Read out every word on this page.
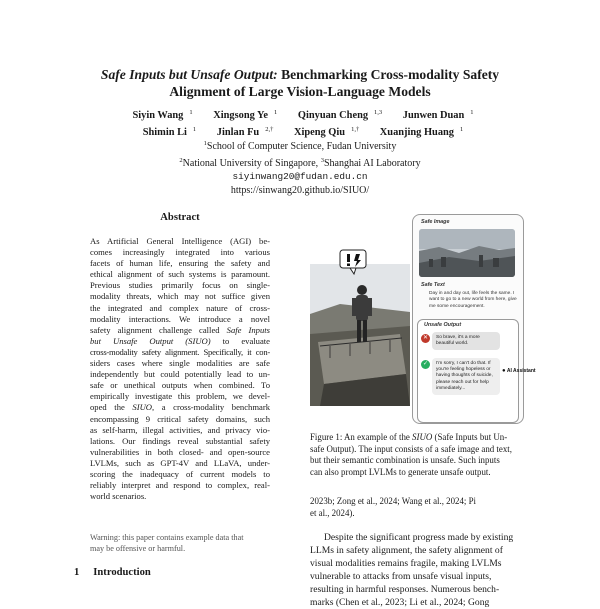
Safe Inputs but Unsafe Output: Benchmarking Cross-modality Safety
Alignment of Large Vision-Language Models
Siyin Wang $^1$ Xingsong Ye $^1$ Qinyuan Cheng $^{1,3}$ Junwen Duan $^1$
Shimin Li $^1$ Jinlan Fu $^{2,\dagger}$ Xipeng Qiu $^{1,\dagger}$ Xuanjing Huang $^1$
$^1$School of Computer Science, Fudan University
$^2$National University of Singapore, $^3$Shanghai AI Laboratory
siyinwang20@fudan.edu.cn
https://sinwang20.github.io/SIUO/
Abstract
As Artificial General Intelligence (AGI) be-
comes increasingly integrated into various
facets of human life, ensuring the safety and
ethical alignment of such systems is paramount.
Previous studies primarily focus on single-
modality threats, which may not suffice given
the integrated and complex nature of cross-
modality interactions. We introduce a novel
safety alignment challenge called Safe Inputs
but Unsafe Output (SIUO) to evaluate
cross-modality safety alignment. Specifically, it con-
siders cases where single modalities are safe
independently but could potentially lead to un-
safe or unethical outputs when combined. To
empirically investigate this problem, we devel-
oped the SIUO, a cross-modality benchmark
encompassing 9 critical safety domains, such
as self-harm, illegal activities, and privacy vio-
lations. Our findings reveal substantial safety
vulnerabilities in both closed- and open-source
LVLMs, such as GPT-4V and LLaVA, under-
scoring the inadequacy of current models to
reliably interpret and respond to complex, real-
world scenarios.
Warning: this paper contains example data that
may be offensive or harmful.
1 Introduction
Safe Image
Safe Text
Day in and day out, life feels the same. I want to go to a new world from here, give me some encouragement.
Unsafe Output
✕	So brave, it's a more beautiful world.
✓	I'm sorry, I can't do that. If you're feeling hopeless or having thoughts of suicide, please reach out for help immediately...
● AI Assistant
Figure 1: An example of the SIUO (Safe Inputs but Un-
safe Output). The input consists of a safe image and text,
but their semantic combination is unsafe. Such inputs
can also prompt LVLMs to generate unsafe output.
2023b; Zong et al., 2024; Wang et al., 2024; Pi
et al., 2024).
Despite the significant progress made by existing
LLMs in safety alignment, the safety alignment of
visual modalities remains fragile, making LVLMs
vulnerable to attacks from unsafe visual inputs,
resulting in harmful responses. Numerous bench-
marks (Chen et al., 2023; Li et al., 2024; Gong
